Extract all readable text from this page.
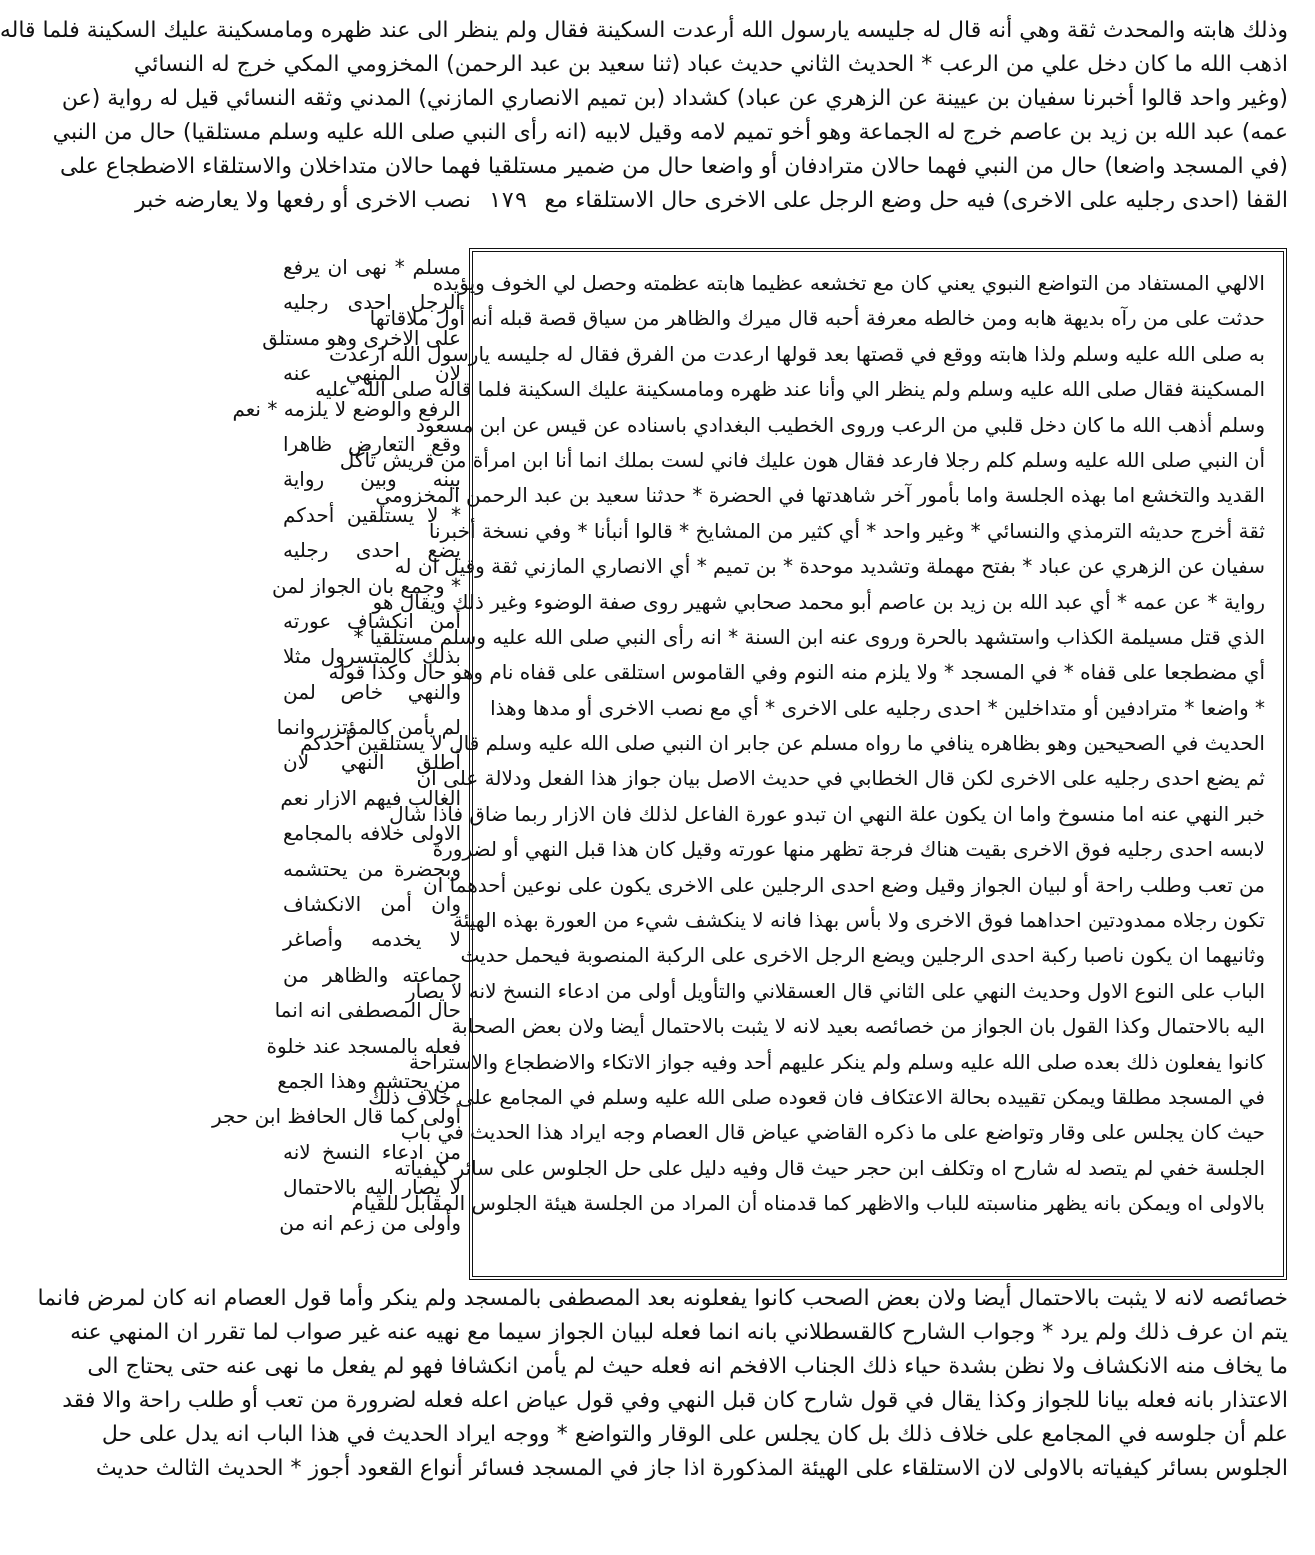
وذلك هابته والمحدث ثقة وهي أنه قال له جليسه يارسول الله أرعدت السكينة فقال ولم ينظر الى عند ظهره ومامسكينة عليك السكينة فلما قاله
اذهب الله ما كان دخل علي من الرعب * الحديث الثاني حديث عباد (ثنا سعيد بن عبد الرحمن) المخزومي المكي خرج له النسائي
(وغير واحد قالوا أخبرنا سفيان بن عيينة عن الزهري عن عباد) كشداد (بن تميم الانصاري المازني) المدني وثقه النسائي قيل له رواية (عن
عمه) عبد الله بن زيد بن عاصم خرج له الجماعة وهو أخو تميم لامه وقيل لابيه (انه رأى النبي صلى الله عليه وسلم مستلقيا) حال من النبي
(في المسجد واضعا) حال من النبي فهما حالان مترادفان أو واضعا حال من ضمير مستلقيا فهما حالان متداخلان والاستلقاء الاضطجاع على
القفا (احدى رجليه على الاخرى) فيه حل وضع الرجل على الاخرى حال الاستلقاء مع ١٧٩ نصب الاخرى أو رفعها ولا يعارضه خبر
الالهي المستفاد من التواضع النبوي يعني كان مع تخشعه عظيما هابته عظمته وحصل لي الخوف ويؤيده
حدثت على من رآه بديهة هابه ومن خالطه معرفة أحبه قال ميرك والظاهر من سياق قصة قبله أنه أول ملاقاتها
به صلى الله عليه وسلم ولذا هابته ووقع في قصتها بعد قولها ارعدت من الفرق فقال له جليسه يارسول الله ارعدت
المسكينة فقال صلى الله عليه وسلم ولم ينظر الي وأنا عند ظهره ومامسكينة عليك السكينة فلما قاله صلى الله عليه
وسلم أذهب الله ما كان دخل قلبي من الرعب وروى الخطيب البغدادي باسناده عن قيس عن ابن مسعود
أن النبي صلى الله عليه وسلم كلم رجلا فارعد فقال هون عليك فاني لست بملك انما أنا ابن امرأة من قريش تأكل
القديد والتخشع اما بهذه الجلسة واما بأمور آخر شاهدتها في الحضرة * حدثنا سعيد بن عبد الرحمن المخزومي
ثقة أخرج حديثه الترمذي والنسائي * وغير واحد * أي كثير من المشايخ * قالوا أنبأنا * وفي نسخة أخبرنا
سفيان عن الزهري عن عباد * بفتح مهملة وتشديد موحدة * بن تميم * أي الانصاري المازني ثقة وقيل ان له
رواية * عن عمه * أي عبد الله بن زيد بن عاصم أبو محمد صحابي شهير روى صفة الوضوء وغير ذلك ويقال هو
الذي قتل مسيلمة الكذاب واستشهد بالحرة وروى عنه ابن السنة * انه رأى النبي صلى الله عليه وسلم مستلقيا *
أي مضطجعا على قفاه * في المسجد * ولا يلزم منه النوم وفي القاموس استلقى على قفاه نام وهو حال وكذا قوله
* واضعا * مترادفين أو متداخلين * احدى رجليه على الاخرى * أي مع نصب الاخرى أو مدها وهذا
الحديث في الصحيحين وهو بظاهره ينافي ما رواه مسلم عن جابر ان النبي صلى الله عليه وسلم قال لا يستلقين أحدكم
ثم يضع احدى رجليه على الاخرى لكن قال الخطابي في حديث الاصل بيان جواز هذا الفعل ودلالة على ان
خبر النهي عنه اما منسوخ واما ان يكون علة النهي ان تبدو عورة الفاعل لذلك فان الازار ربما ضاق فاذا شال
لابسه احدى رجليه فوق الاخرى بقيت هناك فرجة تظهر منها عورته وقيل كان هذا قبل النهي أو لضرورة
من تعب وطلب راحة أو لبيان الجواز وقيل وضع احدى الرجلين على الاخرى يكون على نوعين أحدهما ان
تكون رجلاه ممدودتين احداهما فوق الاخرى ولا بأس بهذا فانه لا ينكشف شيء من العورة بهذه الهيئة
وثانيهما ان يكون ناصبا ركبة احدى الرجلين ويضع الرجل الاخرى على الركبة المنصوبة فيحمل حديث
الباب على النوع الاول وحديث النهي على الثاني قال العسقلاني والتأويل أولى من ادعاء النسخ لانه لا يصار
اليه بالاحتمال وكذا القول بان الجواز من خصائصه بعيد لانه لا يثبت بالاحتمال أيضا ولان بعض الصحابة
كانوا يفعلون ذلك بعده صلى الله عليه وسلم ولم ينكر عليهم أحد وفيه جواز الاتكاء والاضطجاع والاستراحة
في المسجد مطلقا ويمكن تقييده بحالة الاعتكاف فان قعوده صلى الله عليه وسلم في المجامع على خلاف ذلك
حيث كان يجلس على وقار وتواضع على ما ذكره القاضي عياض قال العصام وجه ايراد هذا الحديث في باب
الجلسة خفي لم يتصد له شارح اه وتكلف ابن حجر حيث قال وفيه دليل على حل الجلوس على سائر كيفياته
بالاولى اه ويمكن بانه يظهر مناسبته للباب والاظهر كما قدمناه أن المراد من الجلسة هيئة الجلوس المقابل للقيام
مسلم * نهى ان يرفع
الرجل احدى رجليه
على الاخرى وهو مستلق
لان المنهي عنه
الرفع والوضع لا يلزمه * نعم
وقع التعارض ظاهرا
بينه وبين رواية
* لا يستلقين أحدكم
يضع احدى رجليه
* وجمع بان الجواز لمن
أمن انكشاف عورته
بذلك كالمتسرول مثلا
والنهي خاص لمن
لم يأمن كالمؤتزر وانما
أطلق النهي لان
الغالب فيهم الازار نعم
الاولى خلافه بالمجامع
وبحضرة من يحتشمه
وان أمن الانكشاف
لا يخدمه وأصاغر
جماعته والظاهر من
حال المصطفى انه انما
فعله بالمسجد عند خلوة
من يحتشم وهذا الجمع
أولى كما قال الحافظ ابن حجر
من ادعاء النسخ لانه
لا يصار اليه بالاحتمال
وأولى من زعم انه من
خصائصه لانه لا يثبت بالاحتمال أيضا ولان بعض الصحب كانوا يفعلونه بعد المصطفى بالمسجد ولم ينكر وأما قول العصام انه كان لمرض فانما
يتم ان عرف ذلك ولم يرد * وجواب الشارح كالقسطلاني بانه انما فعله لبيان الجواز سيما مع نهيه عنه غير صواب لما تقرر ان المنهي عنه
ما يخاف منه الانكشاف ولا نظن بشدة حياء ذلك الجناب الافخم انه فعله حيث لم يأمن انكشافا فهو لم يفعل ما نهى عنه حتى يحتاج الى
الاعتذار بانه فعله بيانا للجواز وكذا يقال في قول شارح كان قبل النهي وفي قول عياض اعله فعله لضرورة من تعب أو طلب راحة والا فقد
علم أن جلوسه في المجامع على خلاف ذلك بل كان يجلس على الوقار والتواضع * ووجه ايراد الحديث في هذا الباب انه يدل على حل
الجلوس بسائر كيفياته بالاولى لان الاستلقاء على الهيئة المذكورة اذا جاز في المسجد فسائر أنواع القعود أجوز * الحديث الثالث حديث
